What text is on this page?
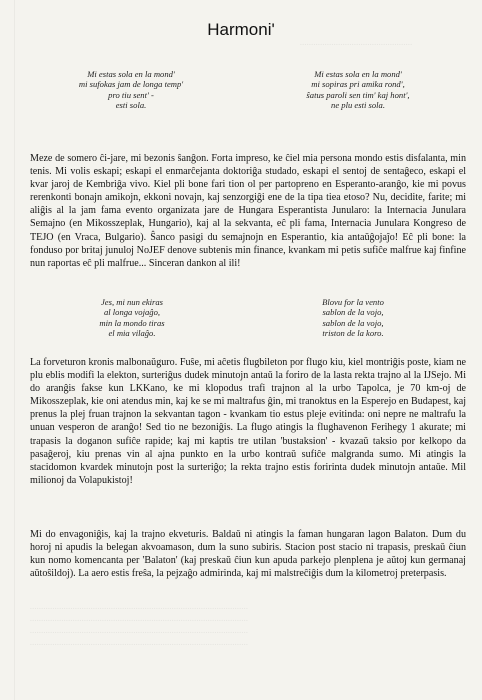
..................................................
Harmoni'
Mi estas sola en la mond'
mi sufokas jam de longa temp'
pro tiu sent' -
esti sola.
Mi estas sola en la mond'
mi sopiras pri amika rond',
ŝatus paroli sen tim' kaj hont',
ne plu esti sola.
Meze de somero ĉi-jare, mi bezonis ŝanĝon. Forta impreso, ke ĉiel mia persona mondo estis disfalanta, min tenis. Mi volis eskapi; eskapi el enmarĉejanta doktoriĝa studado, eskapi el sentoj de sentaĝeco, eskapi el kvar jaroj de Kembriĝa vivo. Kiel pli bone fari tion ol per partopreno en Esperanto-aranĝo, kie mi povus rerenkonti bonajn amikojn, ekkoni novajn, kaj senzorgiĝi ene de la tipa tiea etoso? Nu, decidite, farite; mi aliĝis al la jam fama evento organizata jare de Hungara Esperantista Junularo: la Internacia Junulara Semajno (en Mikosszeplak, Hungario), kaj al la sekvanta, eĉ pli fama, Internacia Junulara Kongreso de TEJO (en Vraca, Bulgario). Ŝanco pasigi du semajnojn en Esperantio, kia antaŭĝojaĵo! Eĉ pli bone: la fonduso por britaj junuloj NoJEF denove subtenis min finance, kvankam mi petis sufiĉe malfrue kaj finfine nun raportas eĉ pli malfrue... Sinceran dankon al ili!
Jes, mi nun ekiras
al longa vojaĝo,
min la mondo tiras
el mia vilaĝo.
Blovu for la vento
sablon de la vojo,
sablon de la vojo,
triston de la koro.
La forveturon kronis malbonaŭguro. Fuŝe, mi aĉetis flugbileton por flugo kiu, kiel montriĝis poste, kiam ne plu eblis modifi la elekton, surteriĝus dudek minutojn antaŭ la foriro de la lasta rekta trajno al la IJSejo. Mi do aranĝis fakse kun LKKano, ke mi klopodus trafi trajnon al la urbo Tapolca, je 70 km-oj de Mikosszeplak, kie oni atendus min, kaj ke se mi maltrafus ĝin, mi tranoktus en la Esperejo en Budapest, kaj prenus la plej fruan trajnon la sekvantan tagon - kvankam tio estus pleje evitinda: oni nepre ne maltrafu la unuan vesperon de aranĝo! Sed tio ne bezoniĝis. La flugo atingis la flughavenon Ferihegy 1 akurate; mi trapasis la doganon sufiĉe rapide; kaj mi kaptis tre utilan 'bustaksion' - kvazaŭ taksio por kelkopo da pasaĝeroj, kiu prenas vin al ajna punkto en la urbo kontraŭ sufiĉe malgranda sumo. Mi atingis la stacidomon kvardek minutojn post la surteriĝo; la rekta trajno estis foririnta dudek minutojn antaŭe. Mil milionoj da Volapukistoj!
Mi do envagoniĝis, kaj la trajno ekveturis. Baldaŭ ni atingis la faman hungaran lagon Balaton. Dum du horoj ni apudis la belegan akvoamason, dum la suno subiris. Stacion post stacio ni trapasis, preskaŭ ĉiun kun nomo komencanta per 'Balaton' (kaj preskaŭ ĉiun kun apuda parkejo plenplena je aŭtoj kun germanaj aŭtoŝildoj). La aero estis freŝa, la pejzaĝo admirinda, kaj mi malstreĉiĝis dum la kilometroj preterpasis.
.................................................................................................
.................................................................................................
.................................................................................................
.................................................................................................
